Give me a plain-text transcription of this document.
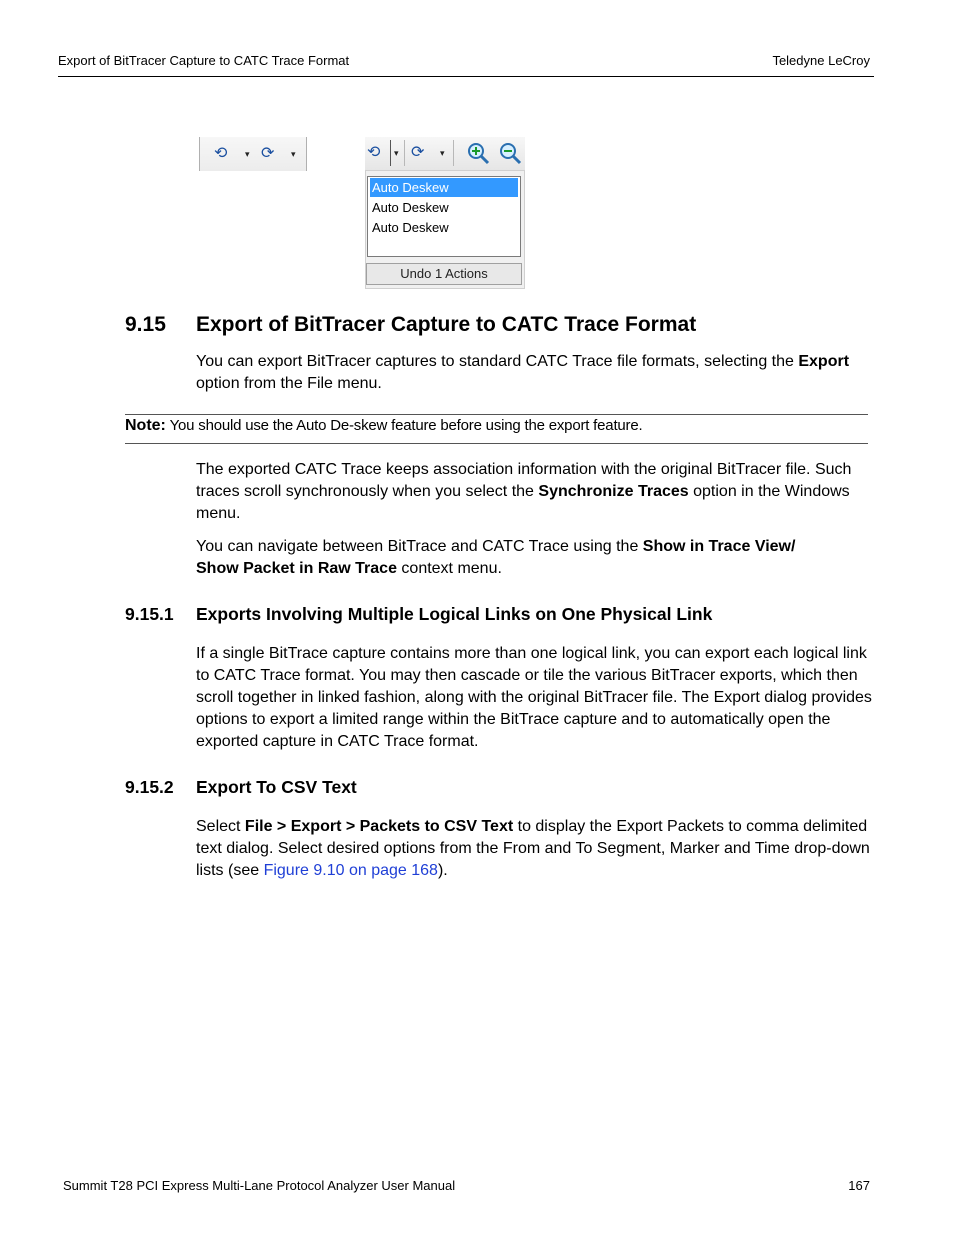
Export of BitTracer Capture to CATC Trace Format	Teledyne LeCroy
⟲ ▾ ⟳ ▾	⟲ ▾ ⟳ ▾
Auto Deskew
Auto Deskew
Auto Deskew
Undo 1 Actions
9.15 Export of BitTracer Capture to CATC Trace Format

You can export BitTracer captures to standard CATC Trace file formats, selecting the Export option from the File menu.

Note: You should use the Auto De-skew feature before using the export feature.

The exported CATC Trace keeps association information with the original BitTracer file. Such traces scroll synchronously when you select the Synchronize Traces option in the Windows menu.

You can navigate between BitTrace and CATC Trace using the Show in Trace View/ Show Packet in Raw Trace context menu.

9.15.1 Exports Involving Multiple Logical Links on One Physical Link

If a single BitTrace capture contains more than one logical link, you can export each logical link to CATC Trace format. You may then cascade or tile the various BitTracer exports, which then scroll together in linked fashion, along with the original BitTracer file. The Export dialog provides options to export a limited range within the BitTrace capture and to automatically open the exported capture in CATC Trace format.

9.15.2 Export To CSV Text

Select File > Export > Packets to CSV Text to display the Export Packets to comma delimited text dialog. Select desired options from the From and To Segment, Marker and Time drop-down lists (see Figure 9.10 on page 168).

Summit T28 PCI Express Multi-Lane Protocol Analyzer User Manual	167
